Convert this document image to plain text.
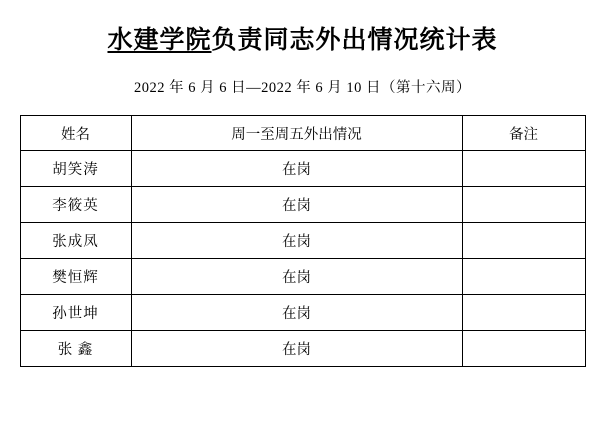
水建学院负责同志外出情况统计表
2022 年 6 月 6 日—2022 年 6 月 10 日（第十六周）
姓名	周一至周五外出情况	备注
胡笑涛	在岗	
李筱英	在岗	
张成凤	在岗	
樊恒辉	在岗	
孙世坤	在岗	
张 鑫	在岗	
